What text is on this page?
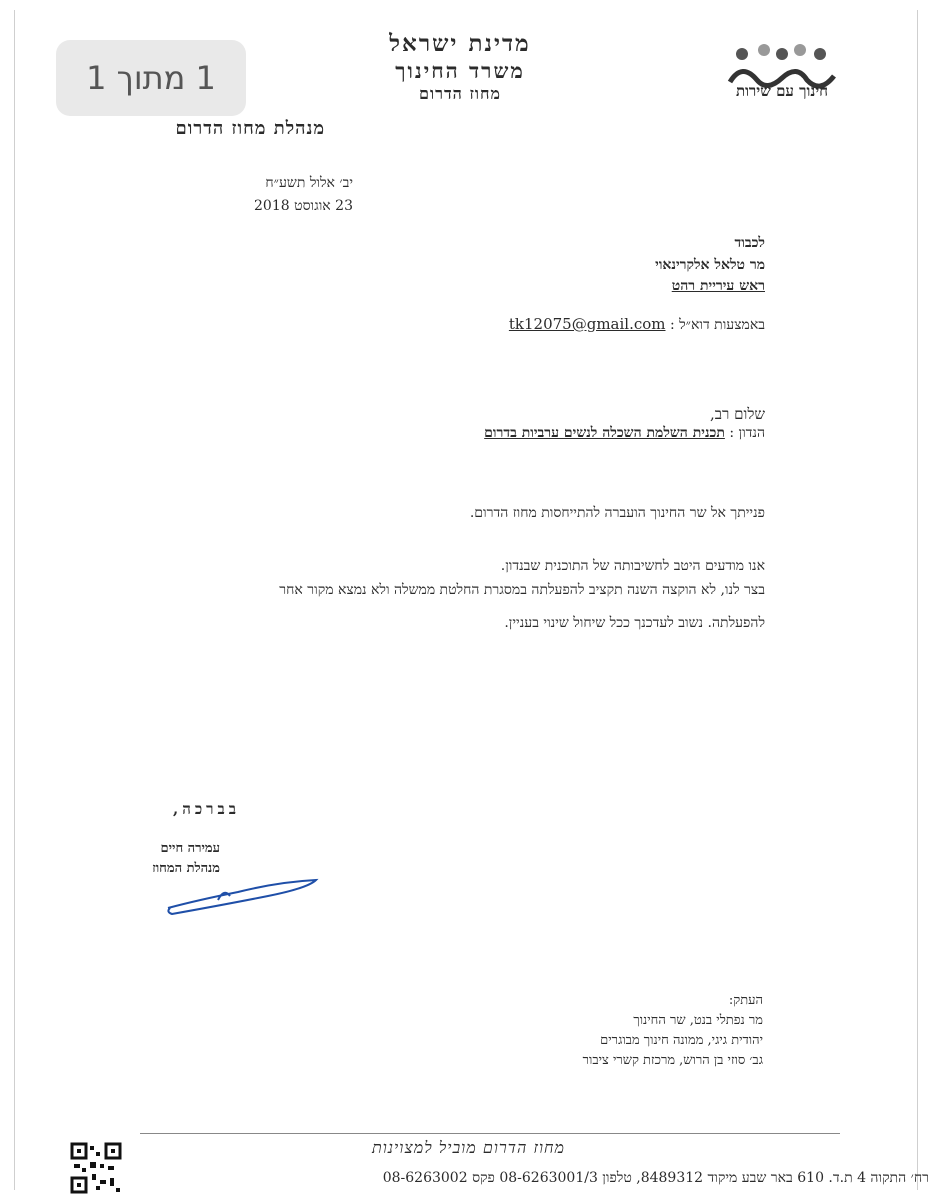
1 מתוך 1
מדינת ישראל
משרד החינוך
מחוז הדרום	חינוך עם שירות
מנהלת מחוז הדרום
יב׳ אלול תשע״ח
23 אוגוסט 2018
לכבוד
מר טלאל אלקרינאוי
ראש עיריית רהט
באמצעות דוא״ל : tk12075@gmail.com
שלום רב,
הנדון : תכנית השלמת השכלה לנשים ערביות בדרום
פנייתך אל שר החינוך הועברה להתייחסות מחוז הדרום.
אנו מודעים היטב לחשיבותה של התוכנית שבנדון.
בצר לנו, לא הוקצה השנה תקציב להפעלתה במסגרת החלטת ממשלה ולא נמצא מקור אחר
להפעלתה. נשוב לעדכנך ככל שיחול שינוי בעניין.
בברכה,
עמירה חיים
מנהלת המחוז
העתק:
מר נפתלי בנט, שר החינוך
יהודית גיגי, ממונה חינוך מבוגרים
גב׳ סוזי בן הרוש, מרכזת קשרי ציבור
מחוז הדרום מוביל למצוינות
רח׳ התקוה 4 ת.ד. 610 באר שבע מיקוד 8489312, טלפון 08-6263001/3 פקס 08-6263002
